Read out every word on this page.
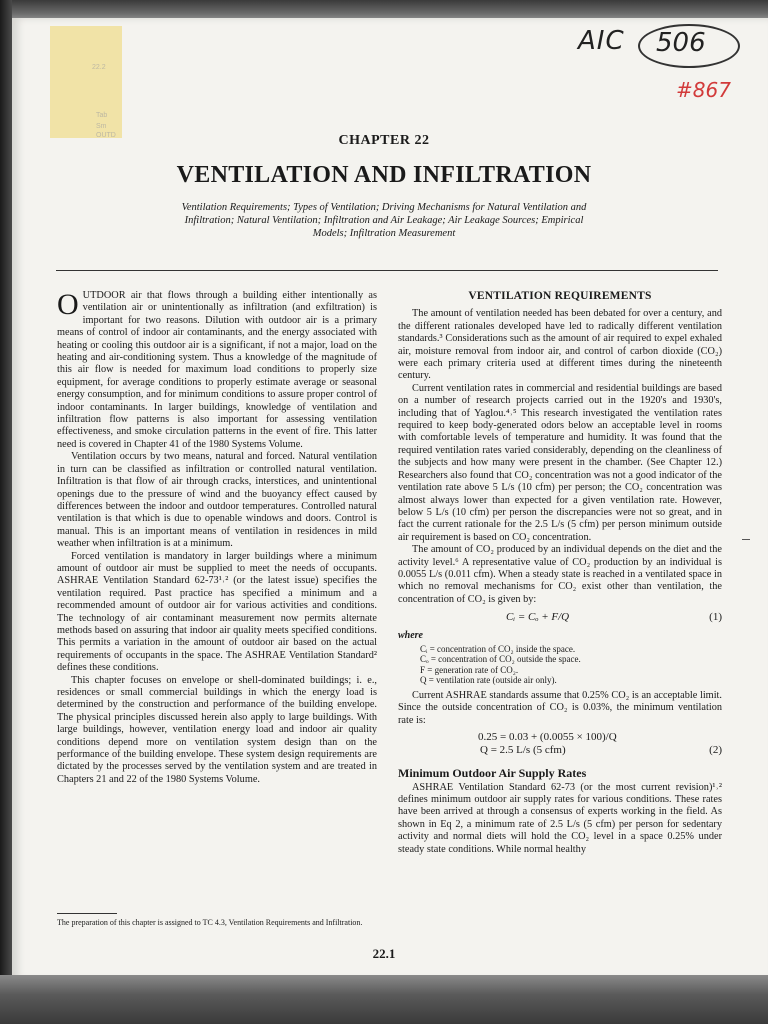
22.2
Tab
Sm
OUTD
AIC 506
#867
CHAPTER 22
VENTILATION AND INFILTRATION
Ventilation Requirements; Types of Ventilation; Driving Mechanisms for Natural Ventilation and Infiltration; Natural Ventilation; Infiltration and Air Leakage; Air Leakage Sources; Empirical Models; Infiltration Measurement

OUTDOOR air that flows through a building either intentionally as ventilation air or unintentionally as infiltration (and exfiltration) is important for two reasons. Dilution with outdoor air is a primary means of control of indoor air contaminants, and the energy associated with heating or cooling this outdoor air is a significant, if not a major, load on the heating and air-conditioning system. Thus a knowledge of the magnitude of this air flow is needed for maximum load conditions to properly size equipment, for average conditions to properly estimate average or seasonal energy consumption, and for minimum conditions to assure proper control of indoor contaminants. In larger buildings, knowledge of ventilation and infiltration flow patterns is also important for assessing ventilation effectiveness, and smoke circulation patterns in the event of fire. This latter need is covered in Chapter 41 of the 1980 Systems Volume.

Ventilation occurs by two means, natural and forced. Natural ventilation in turn can be classified as infiltration or controlled natural ventilation. Infiltration is that flow of air through cracks, interstices, and unintentional openings due to the pressure of wind and the buoyancy effect caused by differences between the indoor and outdoor temperatures. Controlled natural ventilation is that which is due to openable windows and doors. Control is manual. This is an important means of ventilation in residences in mild weather when infiltration is at a minimum.

Forced ventilation is mandatory in larger buildings where a minimum amount of outdoor air must be supplied to meet the needs of occupants. ASHRAE Ventilation Standard 62-73¹˒² (or the latest issue) specifies the ventilation required. Past practice has specified a minimum and a recommended amount of outdoor air for various activities and conditions. The technology of air contaminant measurement now permits alternate methods based on assuring that indoor air quality meets specified conditions. This permits a variation in the amount of outdoor air based on the actual requirements of occupants in the space. The ASHRAE Ventilation Standard² defines these conditions.

This chapter focuses on envelope or shell-dominated buildings; i. e., residences or small commercial buildings in which the energy load is determined by the construction and performance of the building envelope. The physical principles discussed herein also apply to large buildings. With large buildings, however, ventilation energy load and indoor air quality conditions depend more on ventilation system design than on the performance of the building envelope. These system design requirements are dictated by the processes served by the ventilation system and are treated in Chapters 21 and 22 of the 1980 Systems Volume.

The preparation of this chapter is assigned to TC 4.3, Ventilation Requirements and Infiltration.
VENTILATION REQUIREMENTS

The amount of ventilation needed has been debated for over a century, and the different rationales developed have led to radically different ventilation standards.³ Considerations such as the amount of air required to expel exhaled air, moisture removal from indoor air, and control of carbon dioxide (CO₂) were each primary criteria used at different times during the nineteenth century.

Current ventilation rates in commercial and residential buildings are based on a number of research projects carried out in the 1920's and 1930's, including that of Yaglou.⁴˒⁵ This research investigated the ventilation rates required to keep body-generated odors below an acceptable level in rooms with comfortable levels of temperature and humidity. It was found that the required ventilation rates varied considerably, depending on the cleanliness of the subjects and how many were present in the chamber. (See Chapter 12.) Researchers also found that CO₂ concentration was not a good indicator of the ventilation rate above 5 L/s (10 cfm) per person; the CO₂ concentration was almost always lower than expected for a given ventilation rate. However, below 5 L/s (10 cfm) per person the discrepancies were not so great, and in fact the current rationale for the 2.5 L/s (5 cfm) per person minimum outside air requirement is based on CO₂ concentration.

The amount of CO₂ produced by an individual depends on the diet and the activity level.⁶ A representative value of CO₂ production by an individual is 0.0055 L/s (0.011 cfm). When a steady state is reached in a ventilated space in which no removal mechanisms for CO₂ exist other than ventilation, the concentration of CO₂ is given by:

Cᵢ = Cₒ + F/Q	(1)
where
Cᵢ = concentration of CO₂ inside the space.
Cₒ = concentration of CO₂ outside the space.
F = generation rate of CO₂.
Q = ventilation rate (outside air only).

Current ASHRAE standards assume that 0.25% CO₂ is an acceptable limit. Since the outside concentration of CO₂ is 0.03%, the minimum ventilation rate is:

0.25 = 0.03 + (0.0055 × 100)/Q
Q = 2.5 L/s (5 cfm)	(2)
Minimum Outdoor Air Supply Rates

ASHRAE Ventilation Standard 62-73 (or the most current revision)¹˒² defines minimum outdoor air supply rates for various conditions. These rates have been arrived at through a consensus of experts working in the field. As shown in Eq 2, a minimum rate of 2.5 L/s (5 cfm) per person for sedentary activity and normal diets will hold the CO₂ level in a space 0.25% under steady state conditions. While normal healthy

22.1
